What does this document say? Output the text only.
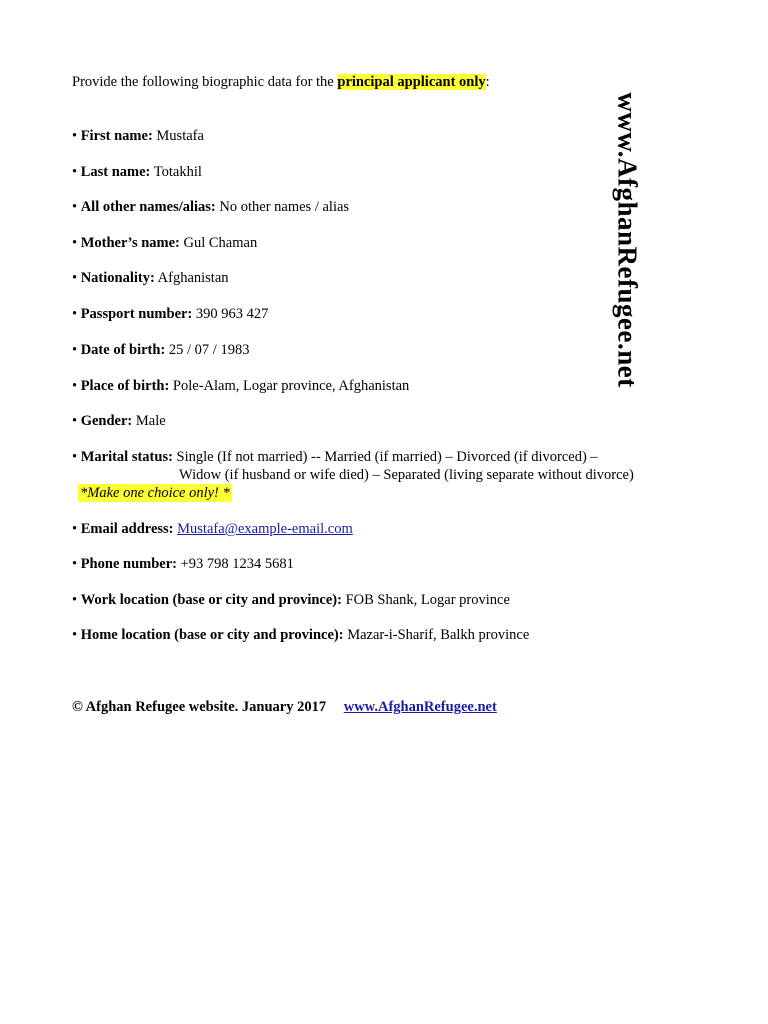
Provide the following biographic data for the principal applicant only:
• First name: Mustafa
• Last name: Totakhil
• All other names/alias: No other names / alias
• Mother’s name: Gul Chaman
• Nationality: Afghanistan
• Passport number: 390 963 427
• Date of birth: 25 / 07 / 1983
• Place of birth: Pole-Alam, Logar province, Afghanistan
• Gender: Male
• Marital status: Single (If not married) -- Married (if married) – Divorced (if divorced) –
Widow (if husband or wife died) – Separated (living separate without divorce)
*Make one choice only! *
• Email address: Mustafa@example-email.com
• Phone number: +93 798 1234 5681
• Work location (base or city and province): FOB Shank, Logar province
• Home location (base or city and province): Mazar-i-Sharif, Balkh province
© Afghan Refugee website. January 2017 www.AfghanRefugee.net
www.AfghanRefugee.net
